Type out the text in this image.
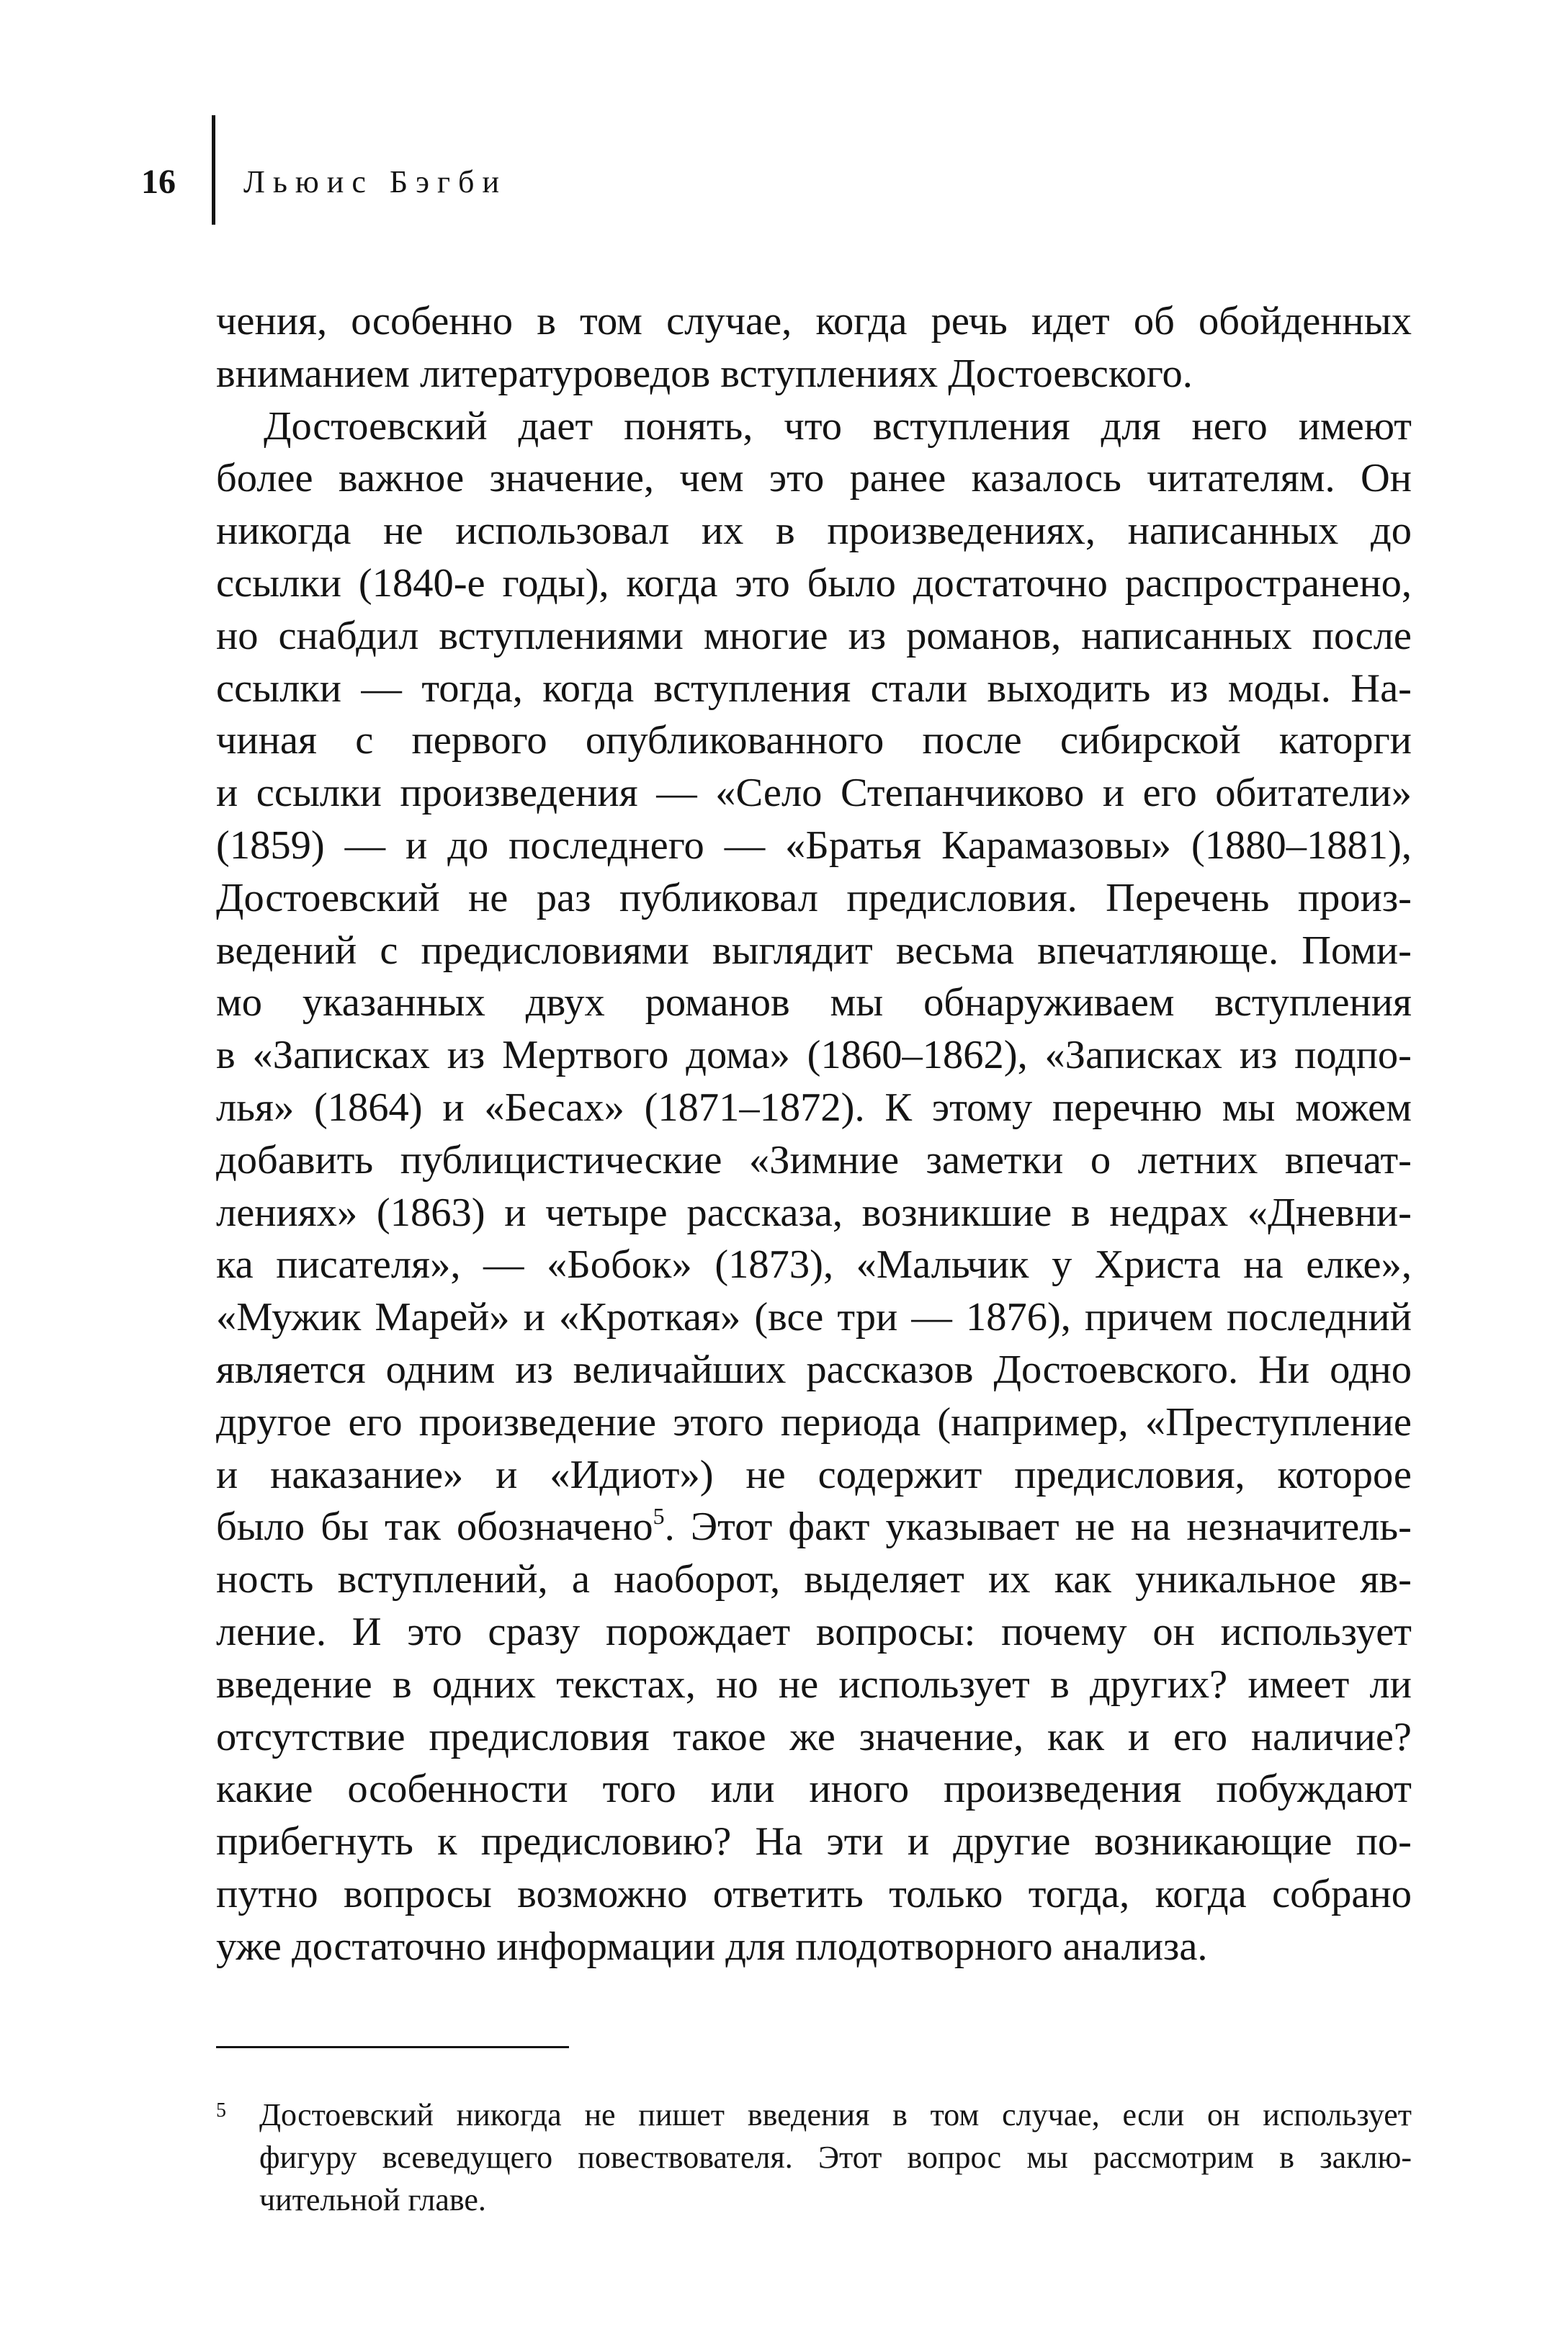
16 Льюис Бэгби
чения, особенно в том случае, когда речь идет об обойденных
вниманием литературоведов вступлениях Достоевского.
Достоевский дает понять, что вступления для него имеют
более важное значение, чем это ранее казалось читателям. Он
никогда не использовал их в произведениях, написанных до
ссылки (1840-е годы), когда это было достаточно распространено,
но снабдил вступлениями многие из романов, написанных после
ссылки — тогда, когда вступления стали выходить из моды. На-
чиная с первого опубликованного после сибирской каторги
и ссылки произведения — «Село Степанчиково и его обитатели»
(1859) — и до последнего — «Братья Карамазовы» (1880–1881),
Достоевский не раз публиковал предисловия. Перечень произ-
ведений с предисловиями выглядит весьма впечатляюще. Поми-
мо указанных двух романов мы обнаруживаем вступления
в «Записках из Мертвого дома» (1860–1862), «Записках из подпо-
лья» (1864) и «Бесах» (1871–1872). К этому перечню мы можем
добавить публицистические «Зимние заметки о летних впечат-
лениях» (1863) и четыре рассказа, возникшие в недрах «Дневни-
ка писателя», — «Бобок» (1873), «Мальчик у Христа на елке»,
«Мужик Марей» и «Кроткая» (все три — 1876), причем последний
является одним из величайших рассказов Достоевского. Ни одно
другое его произведение этого периода (например, «Преступление
и наказание» и «Идиот») не содержит предисловия, которое
было бы так обозначено$^5$. Этот факт указывает не на незначитель-
ность вступлений, а наоборот, выделяет их как уникальное яв-
ление. И это сразу порождает вопросы: почему он использует
введение в одних текстах, но не использует в других? имеет ли
отсутствие предисловия такое же значение, как и его наличие?
какие особенности того или иного произведения побуждают
прибегнуть к предисловию? На эти и другие возникающие по-
путно вопросы возможно ответить только тогда, когда собрано
уже достаточно информации для плодотворного анализа.
5 Достоевский никогда не пишет введения в том случае, если он использует
фигуру всеведущего повествователя. Этот вопрос мы рассмотрим в заклю-
чительной главе.
